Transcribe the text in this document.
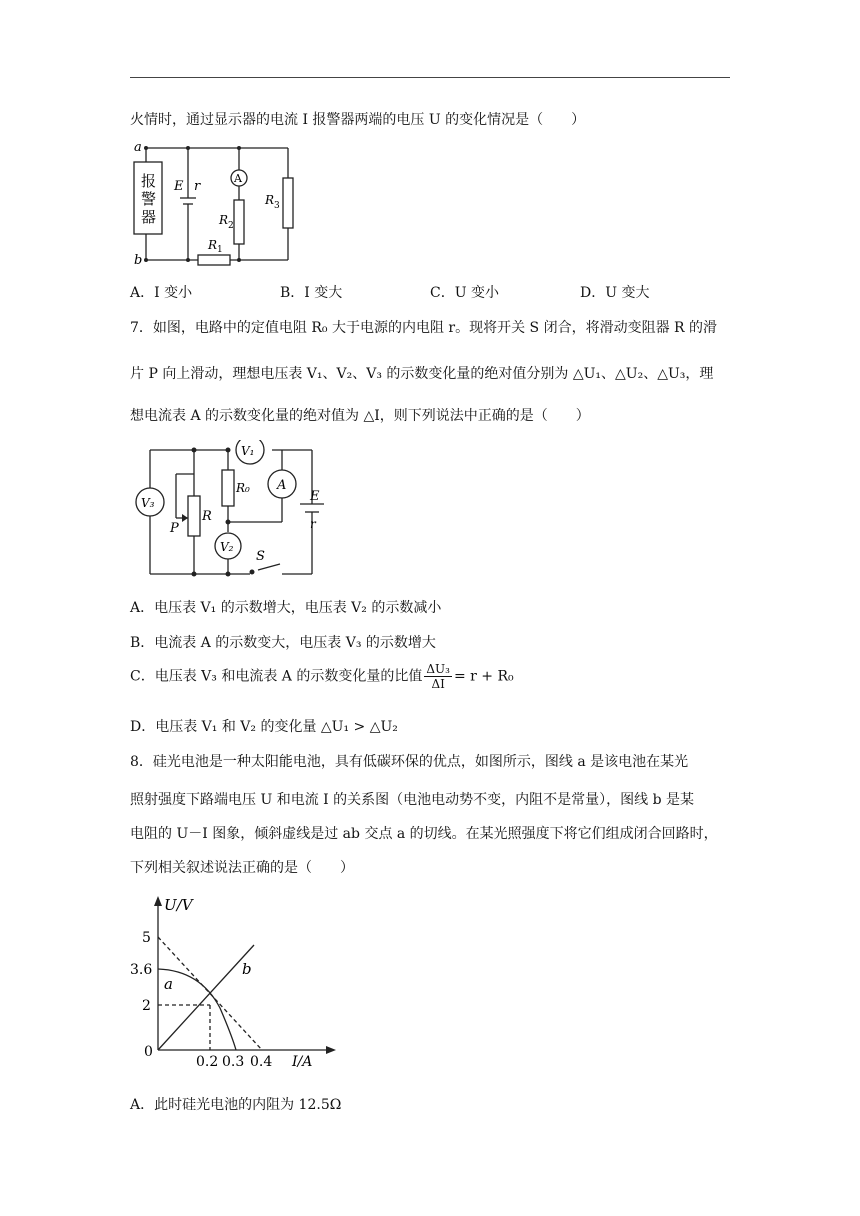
火情时，通过显示器的电流 I 报警器两端的电压 U 的变化情况是（　　）
a
b
报
警
器
E r
A
R 2
R 3
R 1
A．I 变小	B．I 变大	C．U 变小	D．U 变大
7．如图，电路中的定值电阻 R₀ 大于电源的内电阻 r。现将开关 S 闭合，将滑动变阻器 R 的滑
片 P 向上滑动，理想电压表 V₁、V₂、V₃ 的示数变化量的绝对值分别为 △U₁、△U₂、△U₃，理
想电流表 A 的示数变化量的绝对值为 △I，则下列说法中正确的是（　　）
V₃
V₁
V₂
A
R₀
R
P
E
r
S
A．电压表 V₁ 的示数增大，电压表 V₂ 的示数减小
B．电流表 A 的示数变大，电压表 V₃ 的示数增大
C．电压表 V₃ 和电流表 A 的示数变化量的比值 $\frac{\text{ΔU₃}}{\Delta I} = r + R_0$
D．电压表 V₁ 和 V₂ 的变化量 △U₁ > △U₂
8．硅光电池是一种太阳能电池，具有低碳环保的优点，如图所示，图线 a 是该电池在某光
照射强度下路端电压 U 和电流 I 的关系图（电池电动势不变，内阻不是常量），图线 b 是某
电阻的 U－I 图象，倾斜虚线是过 ab 交点 a 的切线。在某光照强度下将它们组成闭合回路时，
下列相关叙述说法正确的是（　　）
U/V
I/A
5
3.6
2
0
0.2 0.3 0.4
a
b
A．此时硅光电池的内阻为 12.5Ω
